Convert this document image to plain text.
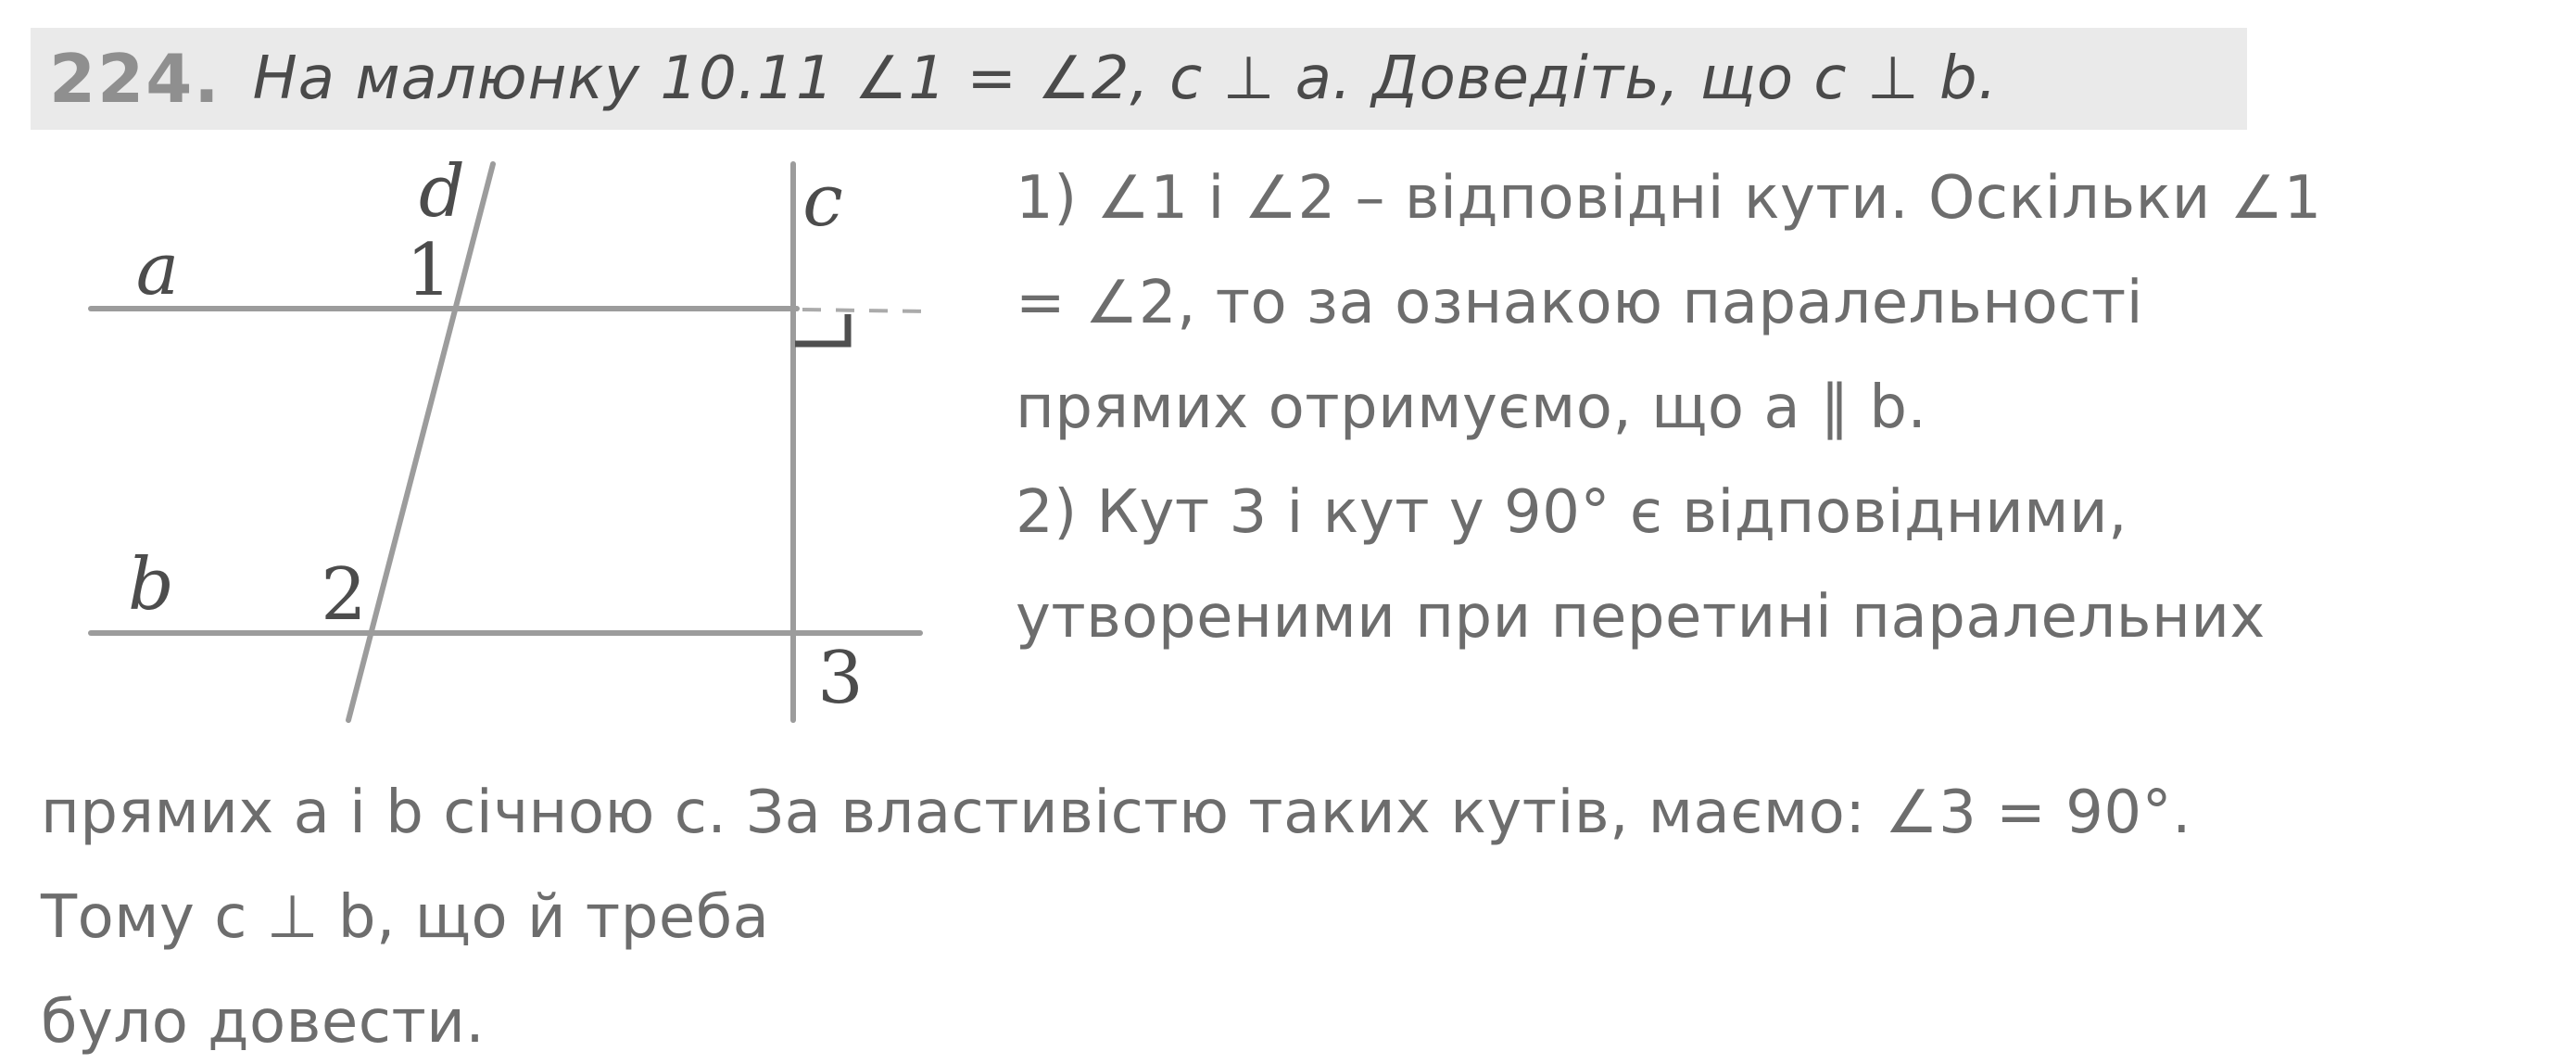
224. На малюнку 10.11 ∠1 = ∠2, с ⊥ а. Доведіть, що с ⊥ b.
a
b
c
d
1
2
3
1) ∠1 і ∠2 – відповідні кути. Оскільки ∠1
= ∠2, то за ознакою паралельності
прямих отримуємо, що а ∥ b.
2) Кут 3 і кут у 90° є відповідними,
утвореними при перетині паралельних
прямих а і b січною с. За властивістю таких кутів, маємо: ∠3 = 90°.
Тому с ⊥ b, що й треба
було довести.
